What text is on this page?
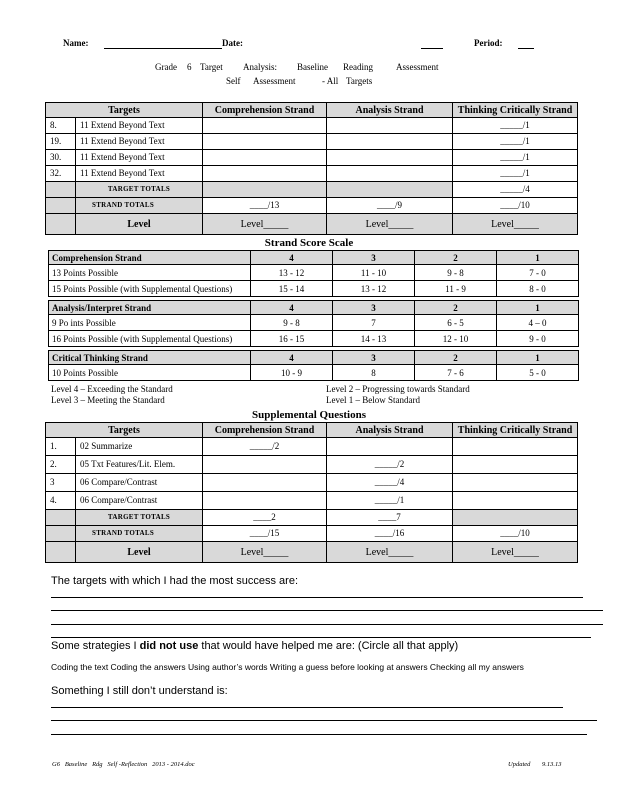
Name:	Date:	Period:
Grade 6 Target Analysis: Baseline Reading	Assessment
Self Assessment	- All Targets
Targets		Comprehension Strand	Analysis Strand	Thinking Critically Strand
8.	11 Extend Beyond Text			_____/1
19.	11 Extend Beyond Text			_____/1
30.	11 Extend Beyond Text			_____/1
32.	11 Extend Beyond Text			_____/1
	TARGET TOTALS			_____/4
	STRAND TOTALS	____/13	____/9	____/10
	Level	Level_____	Level_____	Level_____
Strand Score Scale
Comprehension Strand	4	3	2	1
13 Points Possible	13 - 12	11 - 10	9 - 8	7 - 0
15 Points Possible (with Supplemental Questions)	15 - 14	13 - 12	11 - 9	8 - 0

Analysis/Interpret Strand	4	3	2	1
9 Po ints Possible	9 - 8	7	6 - 5	4 – 0
16 Points Possible (with Supplemental Questions)	16 - 15	14 - 13	12 - 10	9 - 0

Critical Thinking Strand	4	3	2	1
10 Points Possible	10 - 9	8	7 - 6	5 - 0
Level 4 – Exceeding the Standard
Level 3 – Meeting the Standard
Level 2 – Progressing towards Standard
Level 1 – Below Standard
Supplemental Questions
Targets		Comprehension Strand	Analysis Strand	Thinking Critically Strand
1.	02 Summarize	_____/2		
2.	05 Txt Features/Lit. Elem.		_____/2	
3	06 Compare/Contrast		_____/4	
4.	06 Compare/Contrast		_____/1	
	TARGET TOTALS	____2	____7	
	STRAND TOTALS	____/15	____/16	____/10
	Level	Level_____	Level_____	Level_____
The targets with which I had the most success are:
Some strategies I did not use that would have helped me are: (Circle all that apply)
Coding the text Coding the answers Using author’s words Writing a guess before looking at answers Checking all my answers
Something I still don’t understand is:
G6   Baseline   Rdg   Self -Reflection   2013 - 2014.doc	Updated 9.13.13
